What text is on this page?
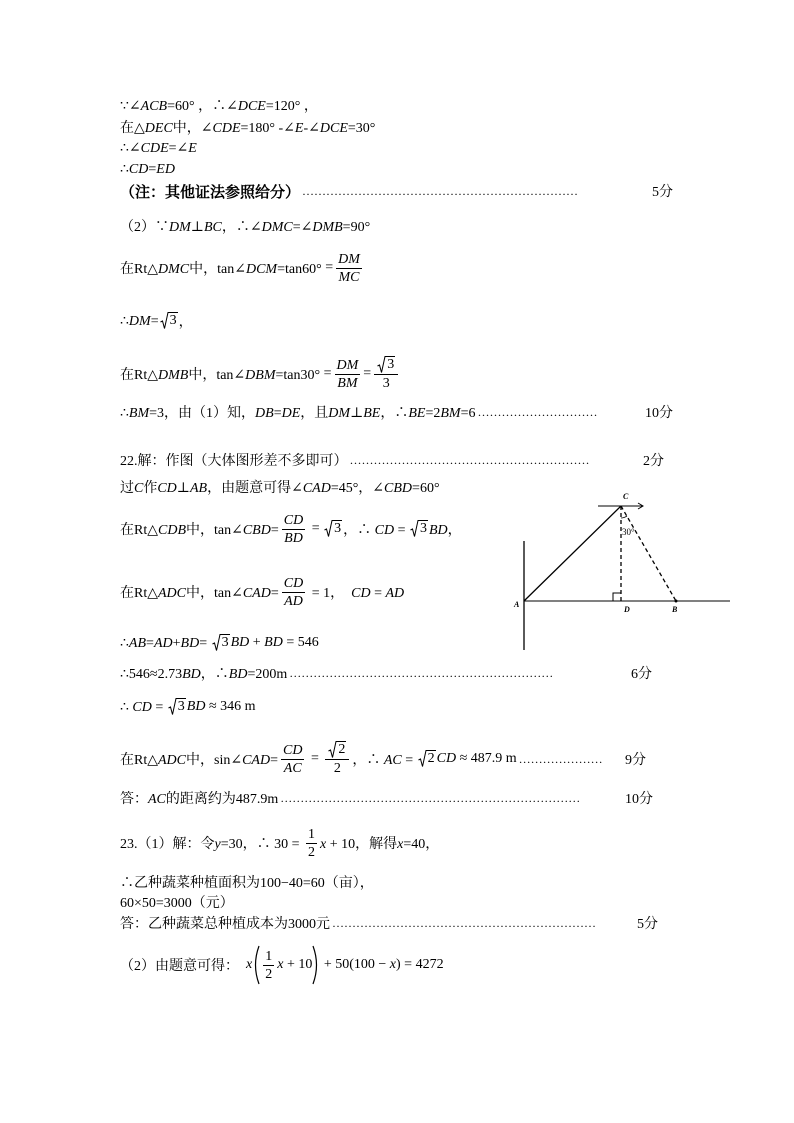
∵∠ACB=60° ，∴∠DCE=120° ，
在△DEC中，∠CDE=180° -∠E-∠DCE=30°
∴∠CDE=∠E
∴CD=ED
（注：其他证法参照给分） ……………………………………………………………	5分
（2）∵DM⊥BC，∴∠DMC=∠DMB=90°
在Rt△DMC中，tan∠DCM=tan60° = $\frac{DM}{MC}$
∴DM= 3 ，
在Rt△DMB中，tan∠DBM=tan30° = $\frac{DM}{BM} = \frac{3}{3}$
∴BM=3，由（1）知，DB=DE，且DM⊥BE，∴BE=2BM=6 …………………………	10分
22.解：作图（大体图形差不多即可） ……………………………………………………	2分
过C作CD⊥AB，由题意可得∠CAD=45°，∠CBD=60°
在Rt△CDB中，tan∠CBD= $\frac{CD}{BD} = 3$ ，∴ CD = 3 BD，
在Rt△ADC中，tan∠CAD= $\frac{CD}{AD} = 1$，  CD = AD
∴AB=AD+BD= 3 BD + BD = 546
∴546≈2.73BD，∴BD=200m …………………………………………………………	6分
∴ CD = 3 BD ≈ 346 m
在Rt△ADC中，sin∠CAD= $\frac{CD}{AC} = \frac{2}{2}$ ，∴ AC = 2 CD ≈ 487.9 m …………………	9分
答：AC的距离约为487.9m …………………………………………………………………	10分
C
A
D	B
30°
23.（1）解：令y=30，∴ $30 = \frac{1}{2}$ x + 10，解得x=40，
∴乙种蔬菜种植面积为100−40=60（亩），
60×50=3000（元）
答：乙种蔬菜总种植成本为3000元 …………………………………………………………	5分
（2）由题意可得： x $\frac{1}{2}$ x + 10 + 50(100 − x) = 4272
